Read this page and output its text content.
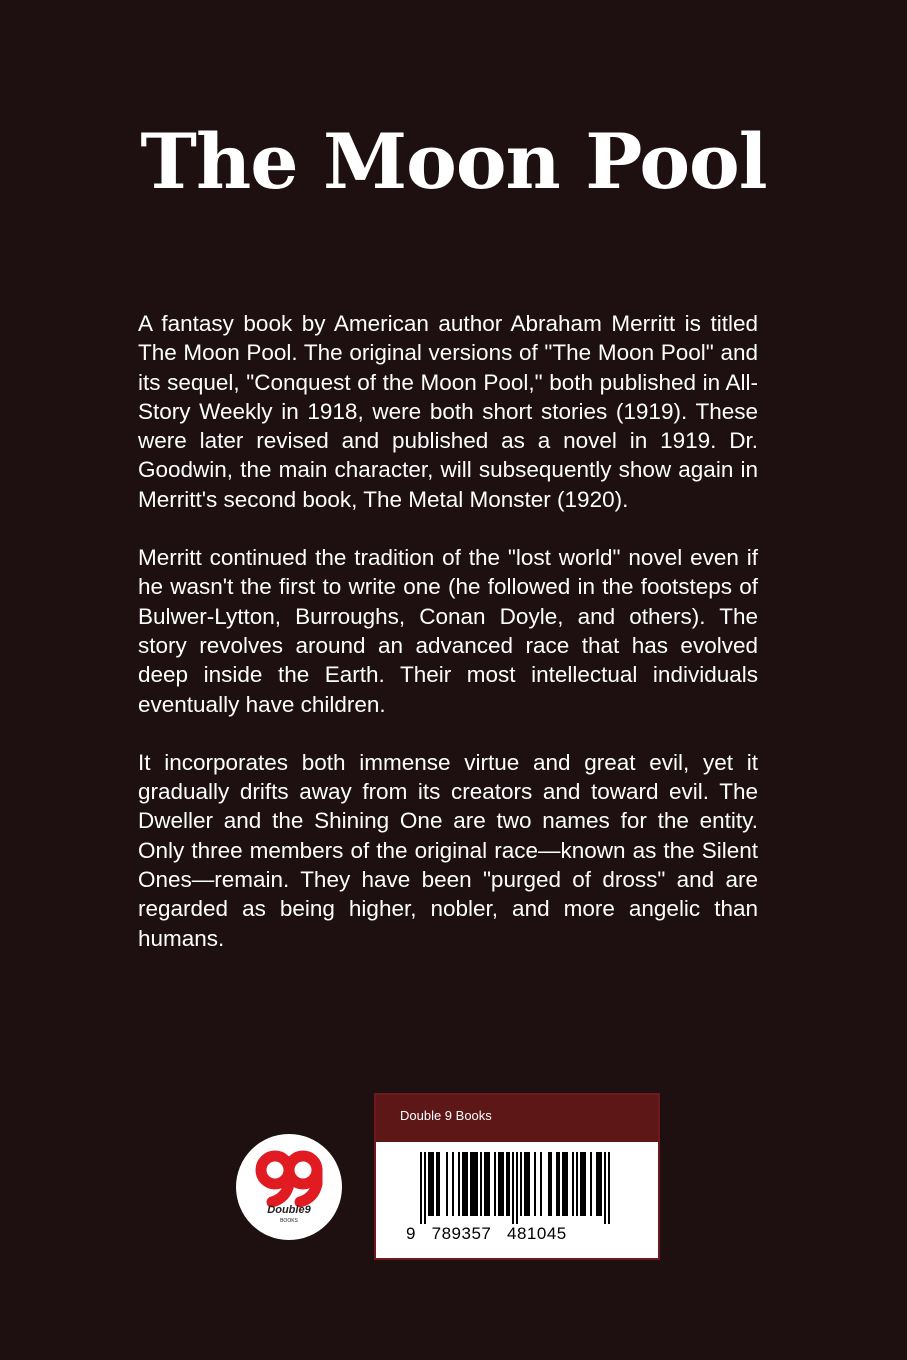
The Moon Pool

A fantasy book by American author Abraham Merritt is titled The Moon Pool. The original versions of "The Moon Pool" and its sequel, "Conquest of the Moon Pool," both published in All-Story Weekly in 1918, were both short stories (1919). These were later revised and published as a novel in 1919. Dr. Goodwin, the main character, will subsequently show again in Merritt's second book, The Metal Monster (1920).

Merritt continued the tradition of the "lost world" novel even if he wasn't the first to write one (he followed in the footsteps of Bulwer-Lytton, Burroughs, Conan Doyle, and others). The story revolves around an advanced race that has evolved deep inside the Earth. Their most intellectual individuals eventually have children.

It incorporates both immense virtue and great evil, yet it gradually drifts away from its creators and toward evil. The Dweller and the Shining One are two names for the entity. Only three members of the original race—known as the Silent Ones—remain. They have been "purged of dross" and are regarded as being higher, nobler, and more angelic than humans.

Double9
BOOKS
Double 9 Books
9   789357   481045
